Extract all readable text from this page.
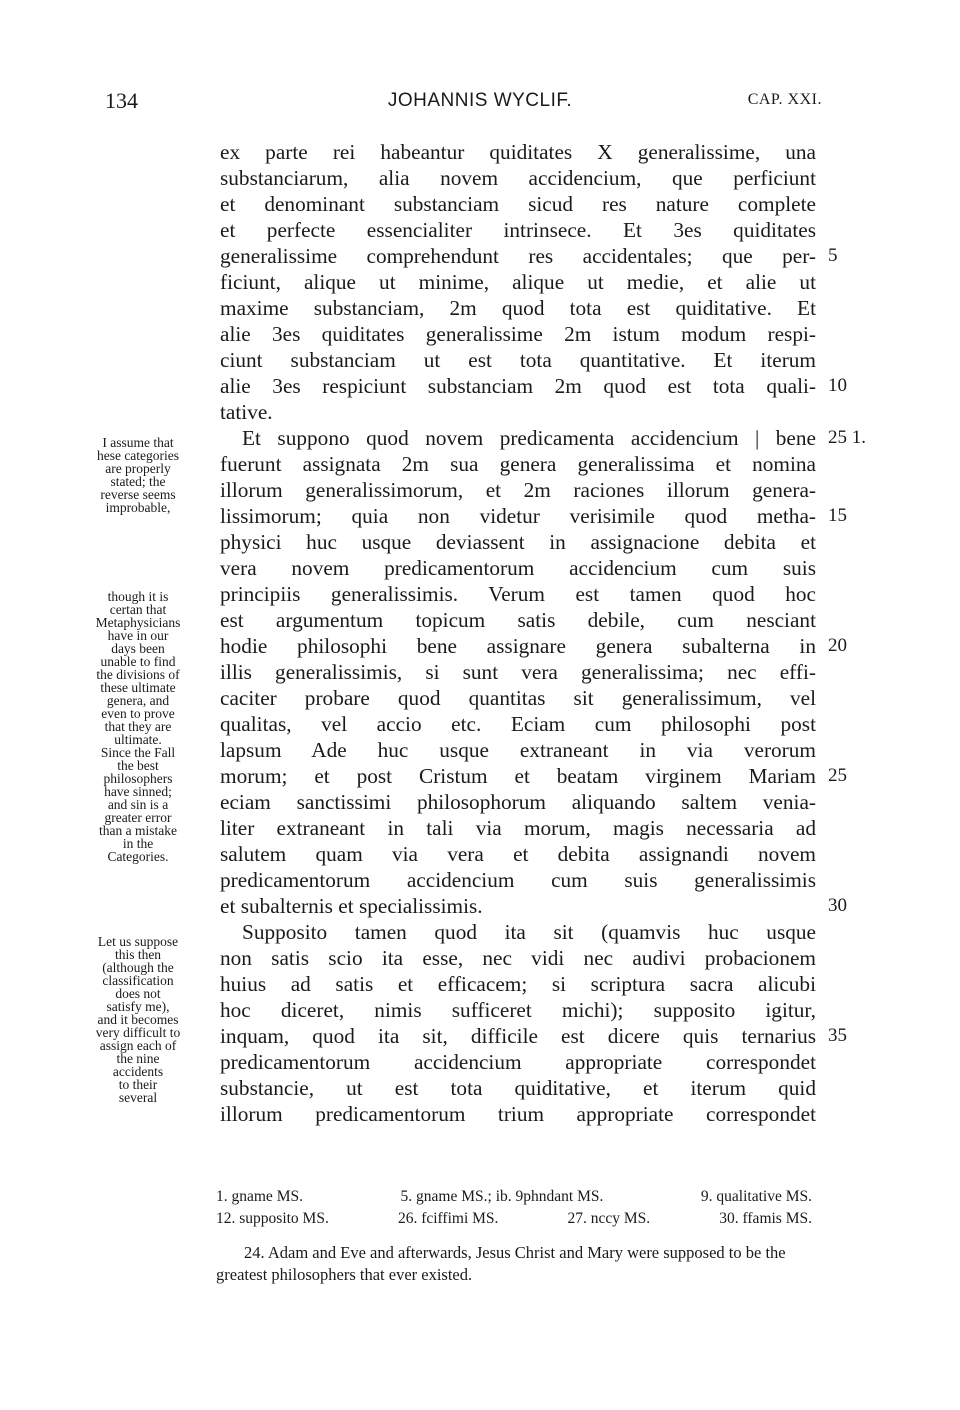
134	JOHANNIS WYCLIF.	CAP. XXI.
ex parte rei habeantur quiditates X generalissime, una
substanciarum, alia novem accidencium, que perficiunt
et denominant substanciam sicud res nature complete
et perfecte essencialiter intrinsece. Et 3es quiditates
generalissime comprehendunt res accidentales; que per- 5
ficiunt, alique ut minime, alique ut medie, et alie ut
maxime substanciam, 2m quod tota est quiditative. Et
alie 3es quiditates generalissime 2m istum modum respi-
ciunt substanciam ut est tota quantitative. Et iterum
alie 3es respiciunt substanciam 2m quod est tota quali- 10
tative.
Et suppono quod novem predicamenta accidencium | bene 25 1.
fuerunt assignata 2m sua genera generalissima et nomina
illorum generalissimorum, et 2m raciones illorum genera-
lissimorum; quia non videtur verisimile quod metha- 15
physici huc usque deviassent in assignacione debita et
vera novem predicamentorum accidencium cum suis
principiis generalissimis. Verum est tamen quod hoc
est argumentum topicum satis debile, cum nesciant
hodie philosophi bene assignare genera subalterna in 20
illis generalissimis, si sunt vera generalissima; nec effi-
caciter probare quod quantitas sit generalissimum, vel
qualitas, vel accio etc. Eciam cum philosophi post
lapsum Ade huc usque extraneant in via verorum
morum; et post Cristum et beatam virginem Mariam 25
eciam sanctissimi philosophorum aliquando saltem venia-
liter extraneant in tali via morum, magis necessaria ad
salutem quam via vera et debita assignandi novem
predicamentorum accidencium cum suis generalissimis
et subalternis et specialissimis.	30
Supposito tamen quod ita sit (quamvis huc usque
non satis scio ita esse, nec vidi nec audivi probacionem
huius ad satis et efficacem; si scriptura sacra alicubi
hoc diceret, nimis sufficeret michi); supposito igitur,
inquam, quod ita sit, difficile est dicere quis ternarius 35
predicamentorum accidencium appropriate correspondet
substancie, ut est tota quiditative, et iterum quid
illorum predicamentorum trium appropriate correspondet
I assume that
hese categories
are properly
stated; the
reverse seems
improbable,
though it is
certan that
Metaphysicians
have in our
days been
unable to find
the divisions of
these ultimate
genera, and
even to prove
that they are
ultimate.
Since the Fall
the best
philosophers
have sinned;
and sin is a
greater error
than a mistake
in the
Categories.
Let us suppose
this then
(although the
classification
does not
satisfy me),
and it becomes
very difficult to
assign each of
the nine
accidents
to their
several
1. gname MS.	5. gname MS.; ib. 9phndant MS.	9. qualitative MS.
12. supposito MS.	26. fciffimi MS.	27. nccy MS.	30. ffamis MS.
24. Adam and Eve and afterwards, Jesus Christ and Mary were supposed to be the greatest philosophers that ever existed.
